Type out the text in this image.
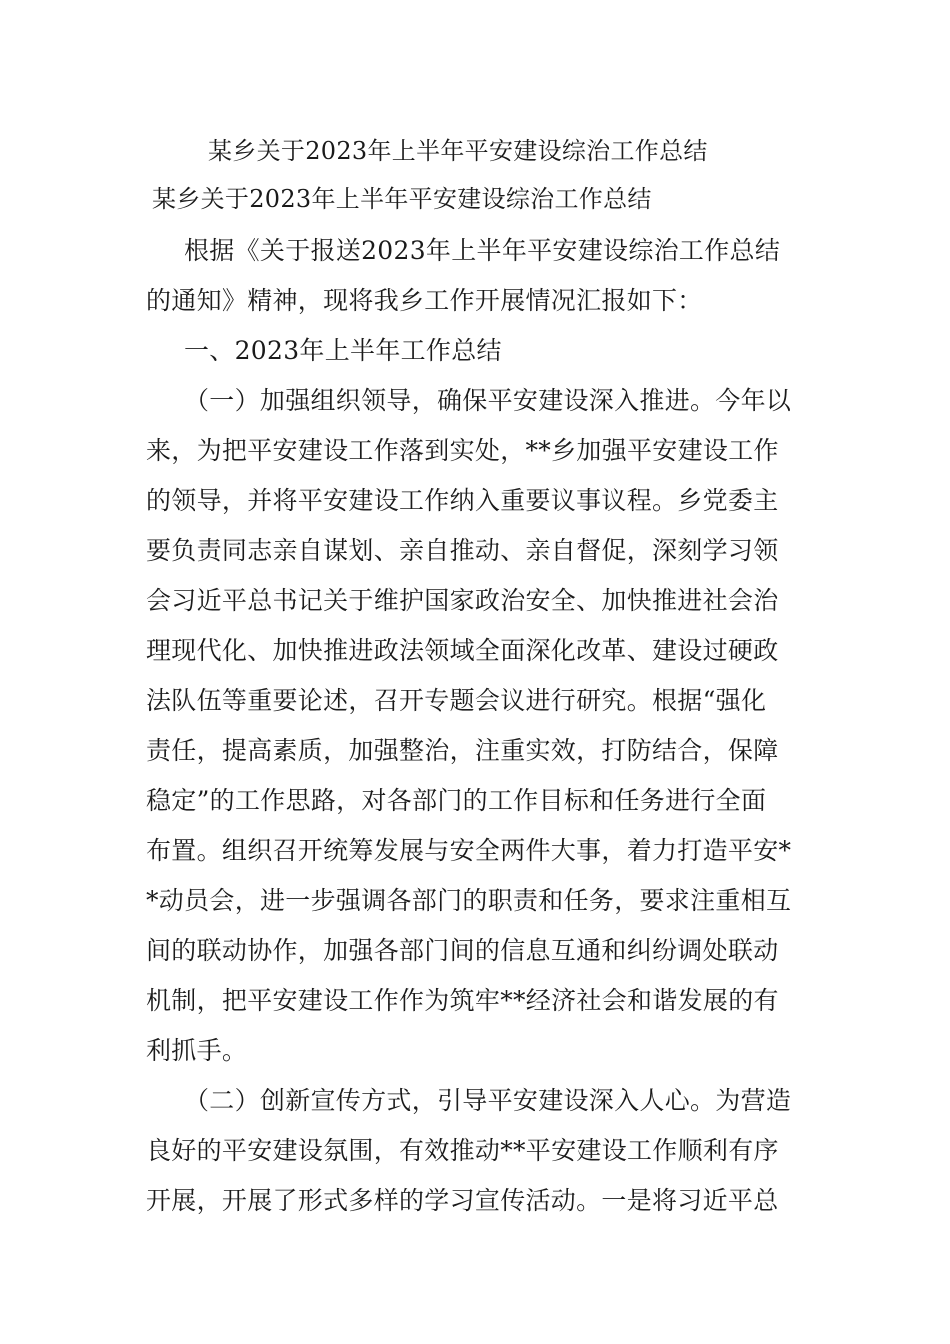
某乡关于2023年上半年平安建设综治工作总结
某乡关于2023年上半年平安建设综治工作总结
根据《关于报送2023年上半年平安建设综治工作总结
的通知》精神，现将我乡工作开展情况汇报如下：
一、2023年上半年工作总结
（一）加强组织领导，确保平安建设深入推进。今年以
来，为把平安建设工作落到实处，**乡加强平安建设工作
的领导，并将平安建设工作纳入重要议事议程。乡党委主
要负责同志亲自谋划、亲自推动、亲自督促，深刻学习领
会习近平总书记关于维护国家政治安全、加快推进社会治
理现代化、加快推进政法领域全面深化改革、建设过硬政
法队伍等重要论述，召开专题会议进行研究。根据“强化
责任，提高素质，加强整治，注重实效，打防结合，保障
稳定”的工作思路，对各部门的工作目标和任务进行全面
布置。组织召开统筹发展与安全两件大事，着力打造平安*
*动员会，进一步强调各部门的职责和任务，要求注重相互
间的联动协作，加强各部门间的信息互通和纠纷调处联动
机制，把平安建设工作作为筑牢**经济社会和谐发展的有
利抓手。
（二）创新宣传方式，引导平安建设深入人心。为营造
良好的平安建设氛围，有效推动**平安建设工作顺利有序
开展，开展了形式多样的学习宣传活动。一是将习近平总
